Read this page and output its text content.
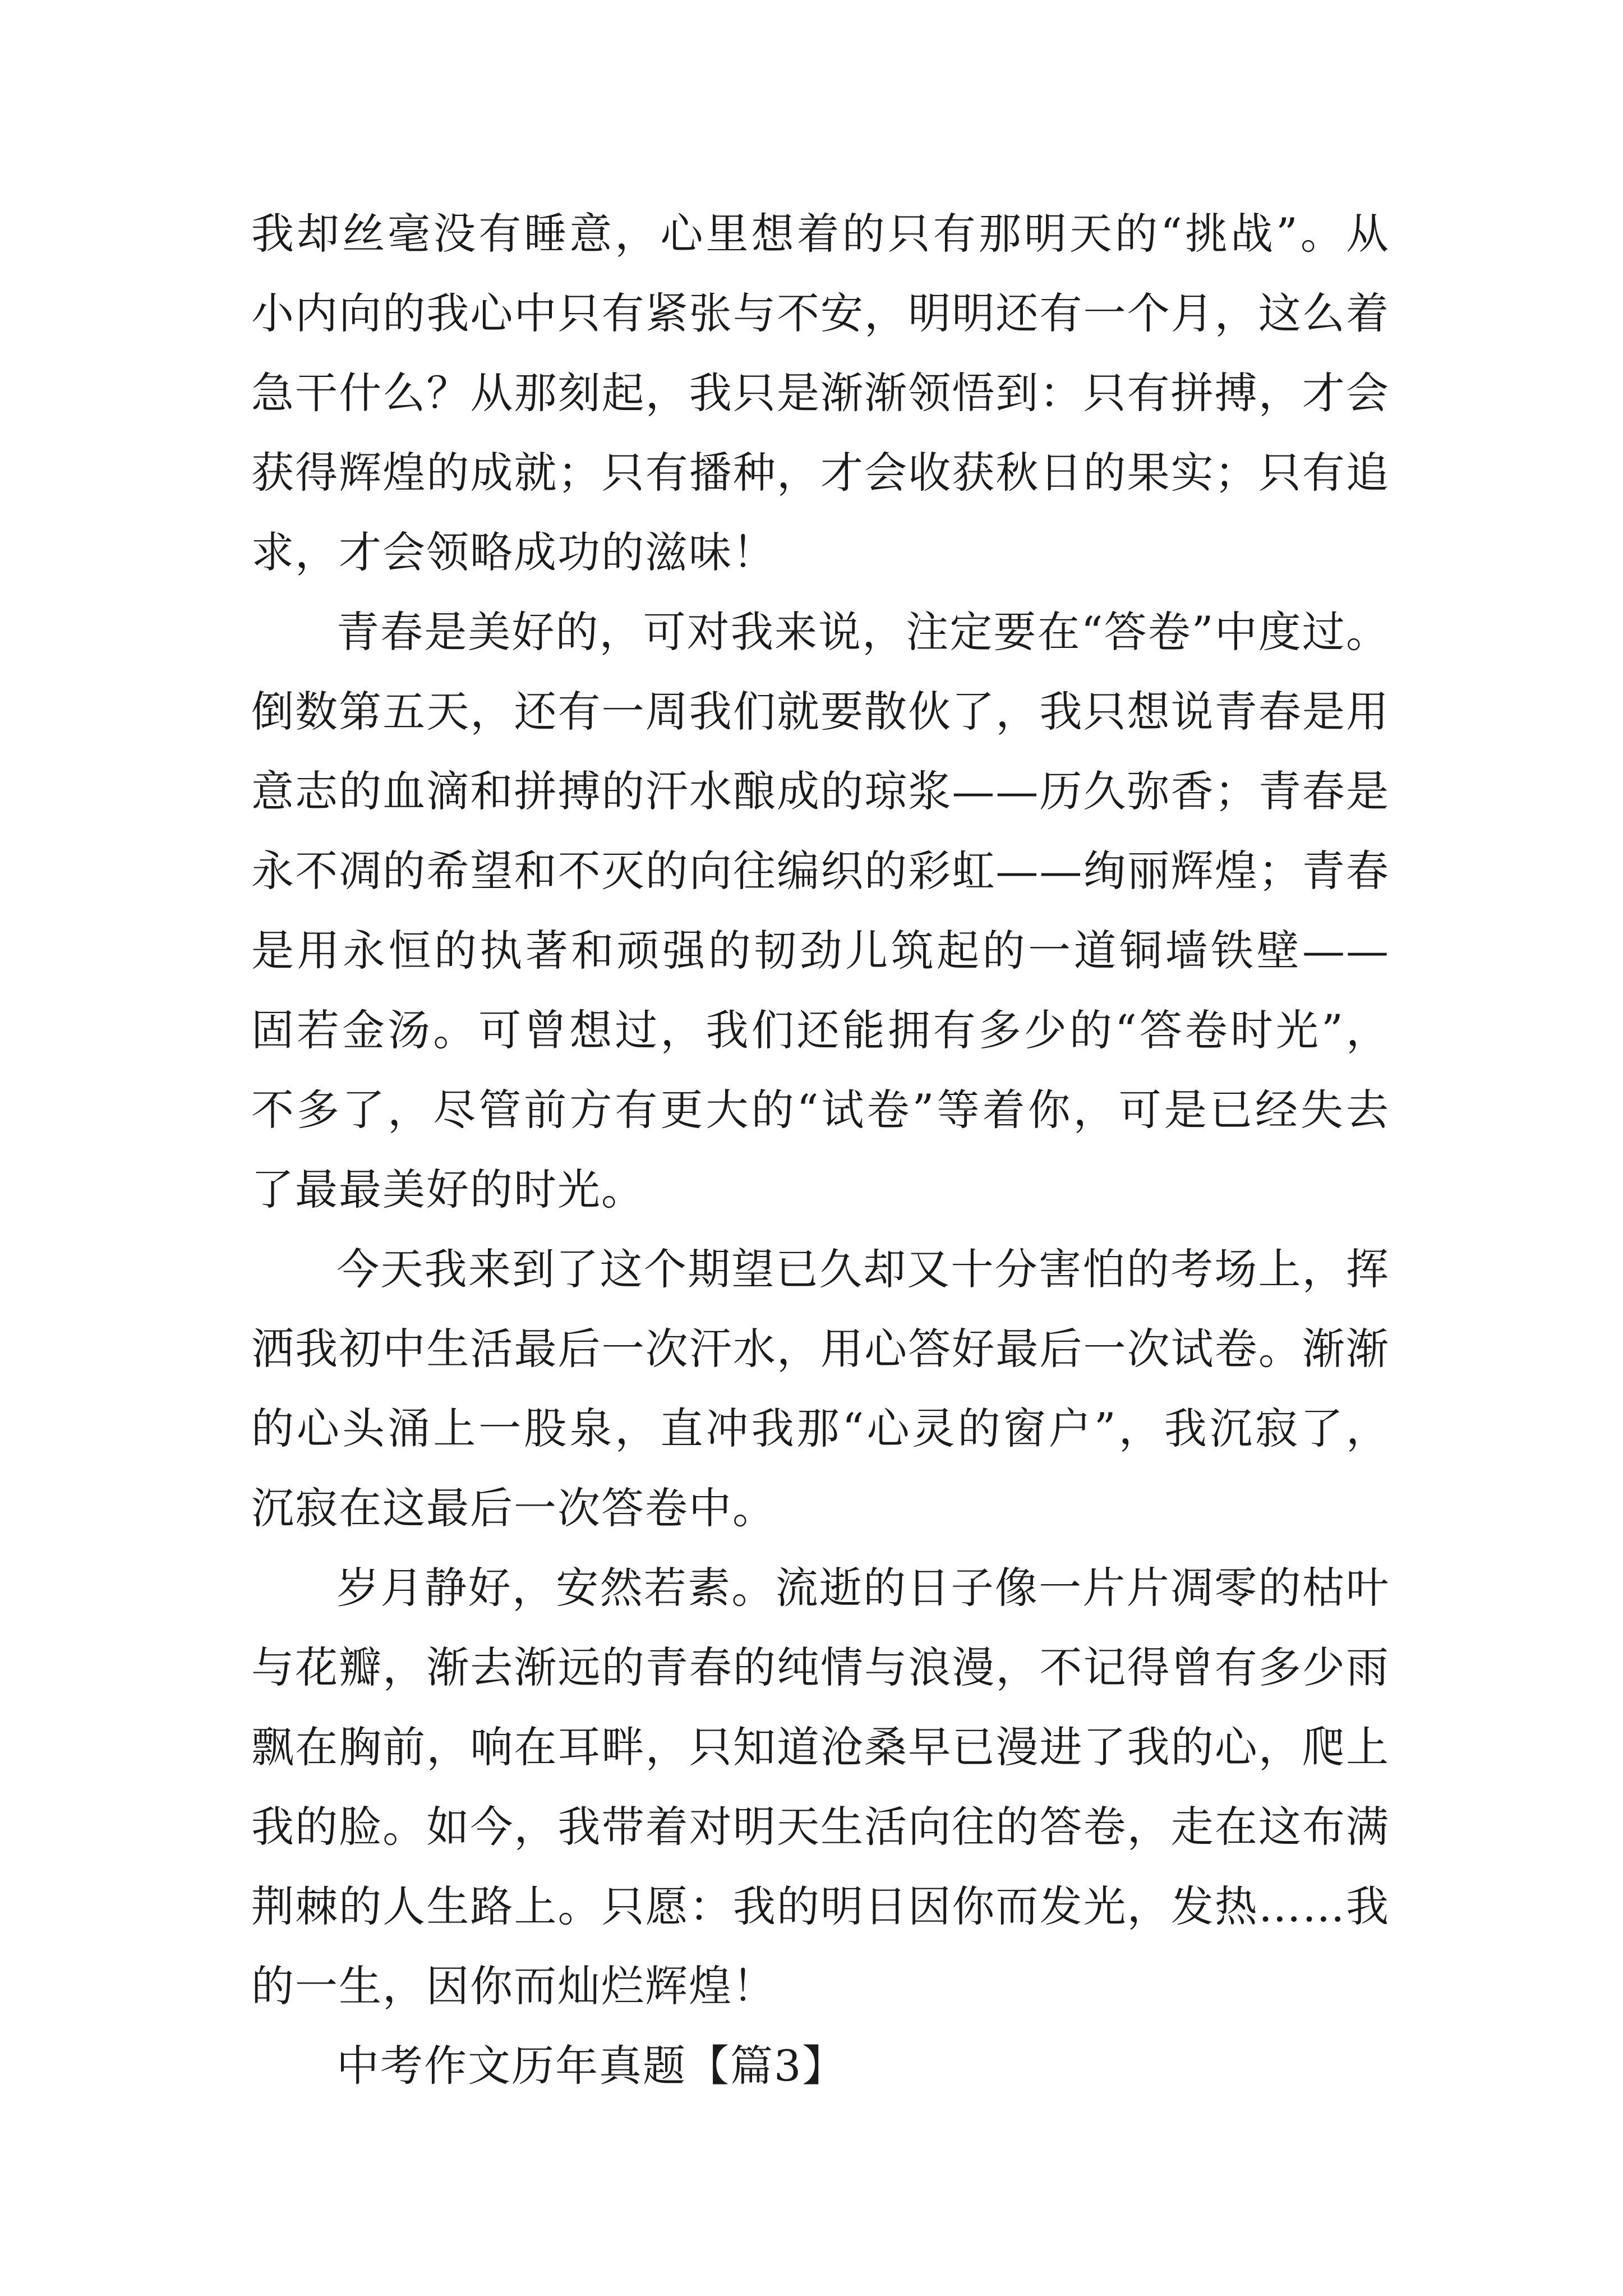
我却丝毫没有睡意，心里想着的只有那明天的“挑战”。从
小内向的我心中只有紧张与不安，明明还有一个月，这么着
急干什么？从那刻起，我只是渐渐领悟到：只有拼搏，才会
获得辉煌的成就；只有播种，才会收获秋日的果实；只有追
求，才会领略成功的滋味！
青春是美好的，可对我来说，注定要在“答卷”中度过。
倒数第五天，还有一周我们就要散伙了，我只想说青春是用
意志的血滴和拼搏的汗水酿成的琼浆——历久弥香；青春是
永不凋的希望和不灭的向往编织的彩虹——绚丽辉煌；青春
是用永恒的执著和顽强的韧劲儿筑起的一道铜墙铁壁——
固若金汤。可曾想过，我们还能拥有多少的“答卷时光”，
不多了，尽管前方有更大的“试卷”等着你，可是已经失去
了最最美好的时光。
今天我来到了这个期望已久却又十分害怕的考场上，挥
洒我初中生活最后一次汗水，用心答好最后一次试卷。渐渐
的心头涌上一股泉，直冲我那“心灵的窗户”，我沉寂了，
沉寂在这最后一次答卷中。
岁月静好，安然若素。流逝的日子像一片片凋零的枯叶
与花瓣，渐去渐远的青春的纯情与浪漫，不记得曾有多少雨
飘在胸前，响在耳畔，只知道沧桑早已漫进了我的心，爬上
我的脸。如今，我带着对明天生活向往的答卷，走在这布满
荆棘的人生路上。只愿：我的明日因你而发光，发热……我
的一生，因你而灿烂辉煌！
中考作文历年真题【篇3】
